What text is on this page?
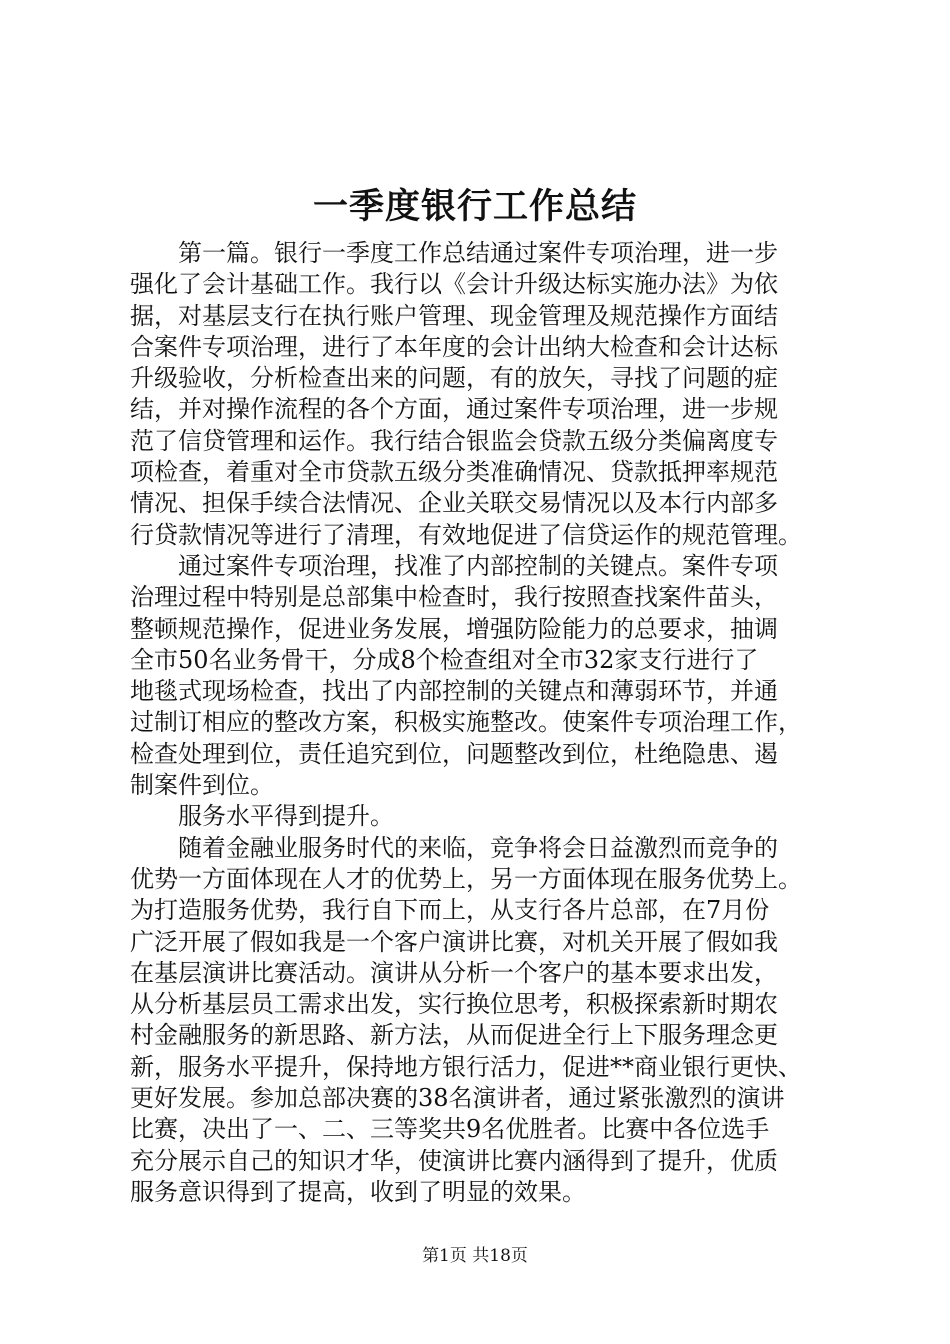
一季度银行工作总结
第一篇。银行一季度工作总结通过案件专项治理，进一步
强化了会计基础工作。我行以《会计升级达标实施办法》为依
据，对基层支行在执行账户管理、现金管理及规范操作方面结
合案件专项治理，进行了本年度的会计出纳大检查和会计达标
升级验收，分析检查出来的问题，有的放矢，寻找了问题的症
结，并对操作流程的各个方面，通过案件专项治理，进一步规
范了信贷管理和运作。我行结合银监会贷款五级分类偏离度专
项检查，着重对全市贷款五级分类准确情况、贷款抵押率规范
情况、担保手续合法情况、企业关联交易情况以及本行内部多
行贷款情况等进行了清理，有效地促进了信贷运作的规范管理。
通过案件专项治理，找准了内部控制的关键点。案件专项
治理过程中特别是总部集中检查时，我行按照查找案件苗头，
整顿规范操作，促进业务发展，增强防险能力的总要求，抽调
全市50名业务骨干，分成8个检查组对全市32家支行进行了
地毯式现场检查，找出了内部控制的关键点和薄弱环节，并通
过制订相应的整改方案，积极实施整改。使案件专项治理工作，
检查处理到位，责任追究到位，问题整改到位，杜绝隐患、遏
制案件到位。
服务水平得到提升。
随着金融业服务时代的来临，竞争将会日益激烈而竞争的
优势一方面体现在人才的优势上，另一方面体现在服务优势上。
为打造服务优势，我行自下而上，从支行各片总部，在7月份
广泛开展了假如我是一个客户演讲比赛，对机关开展了假如我
在基层演讲比赛活动。演讲从分析一个客户的基本要求出发，
从分析基层员工需求出发，实行换位思考，积极探索新时期农
村金融服务的新思路、新方法，从而促进全行上下服务理念更
新，服务水平提升，保持地方银行活力，促进**商业银行更快、
更好发展。参加总部决赛的38名演讲者，通过紧张激烈的演讲
比赛，决出了一、二、三等奖共9名优胜者。比赛中各位选手
充分展示自己的知识才华，使演讲比赛内涵得到了提升，优质
服务意识得到了提高，收到了明显的效果。
第1页 共18页
